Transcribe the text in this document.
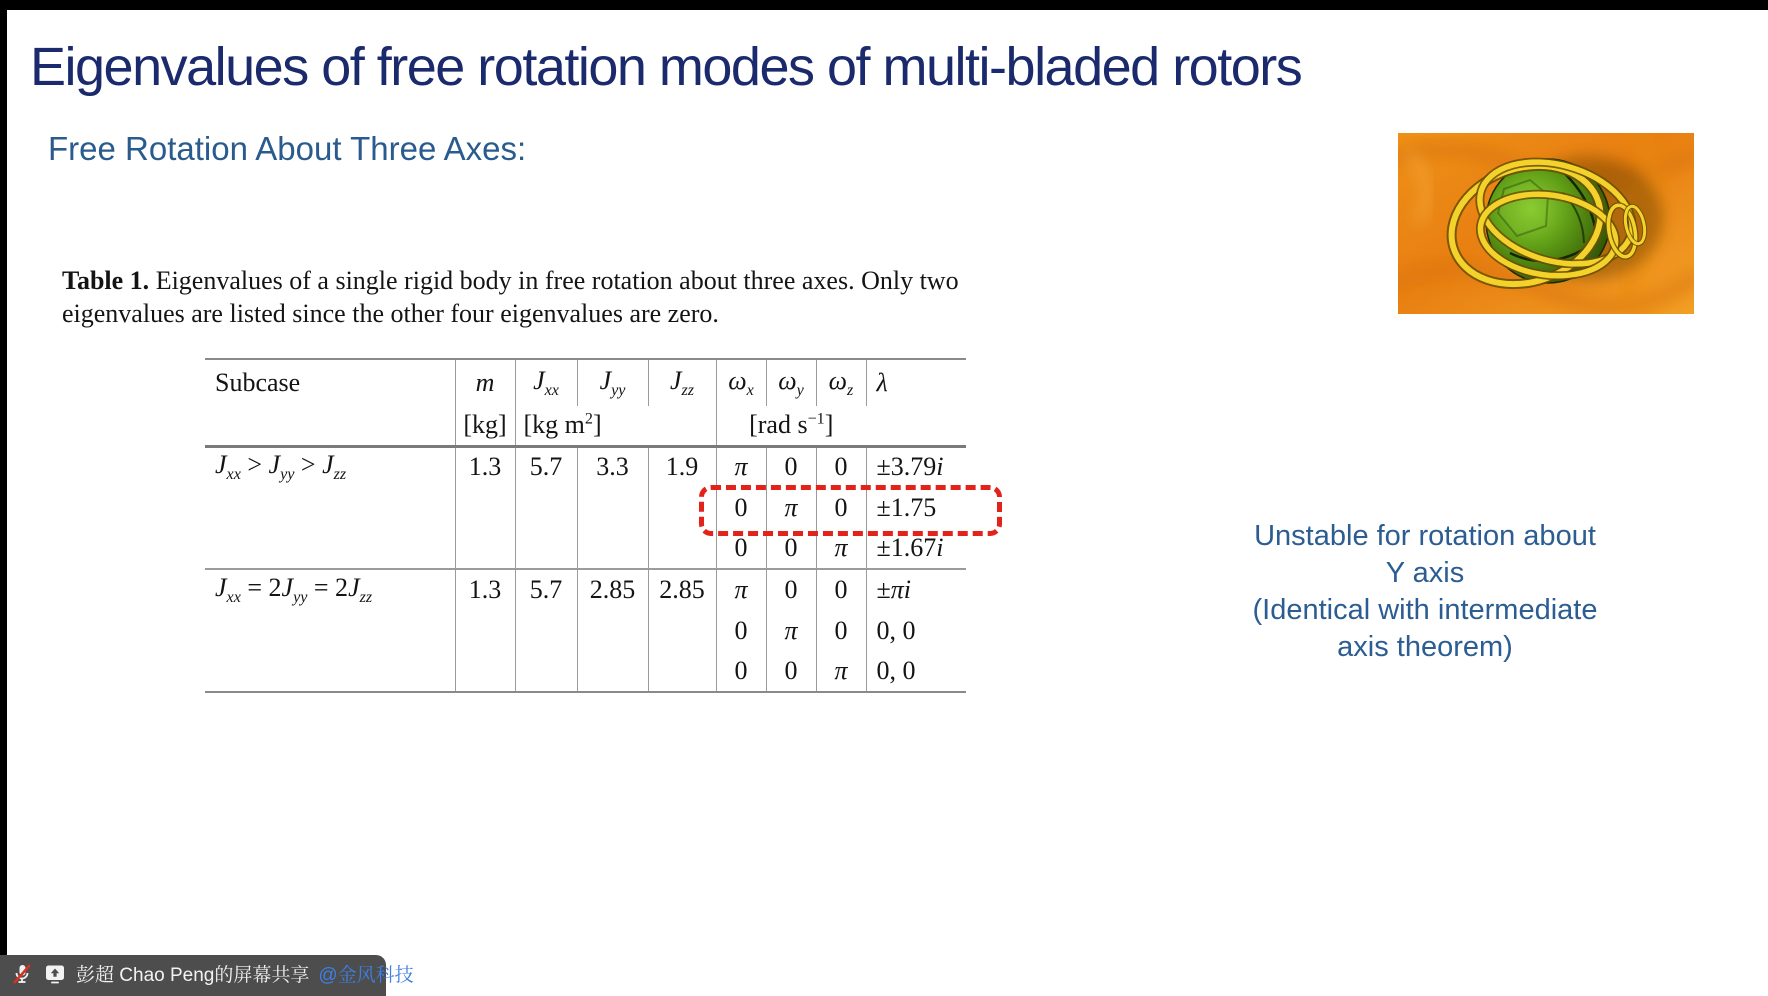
Eigenvalues of free rotation modes of multi-bladed rotors
Free Rotation About Three Axes:
Table 1. Eigenvalues of a single rigid body in free rotation about three axes. Only two
eigenvalues are listed since the other four eigenvalues are zero.
Subcase	m	$J_{xx}$	$J_{yy}$	$J_{zz}$	$\omega_x$	$\omega_y$	$\omega_z$	λ
	[kg]	[kg $m^2$]			[rad $s^{-1}$]			
$J_{xx} > J_{yy} > J_{zz}$	1.3	5.7	3.3	1.9	π	0	0	±3.79i
					0	π	0	±1.75
					0	0	π	±1.67i
$J_{xx} = 2J_{yy} = 2J_{zz}$	1.3	5.7	2.85	2.85	π	0	0	±πi
					0	π	0	0, 0
					0	0	π	0, 0
Unstable for rotation about
Y axis
(Identical with intermediate
axis theorem)
彭超 Chao Peng的屏幕共享 @金风科技
